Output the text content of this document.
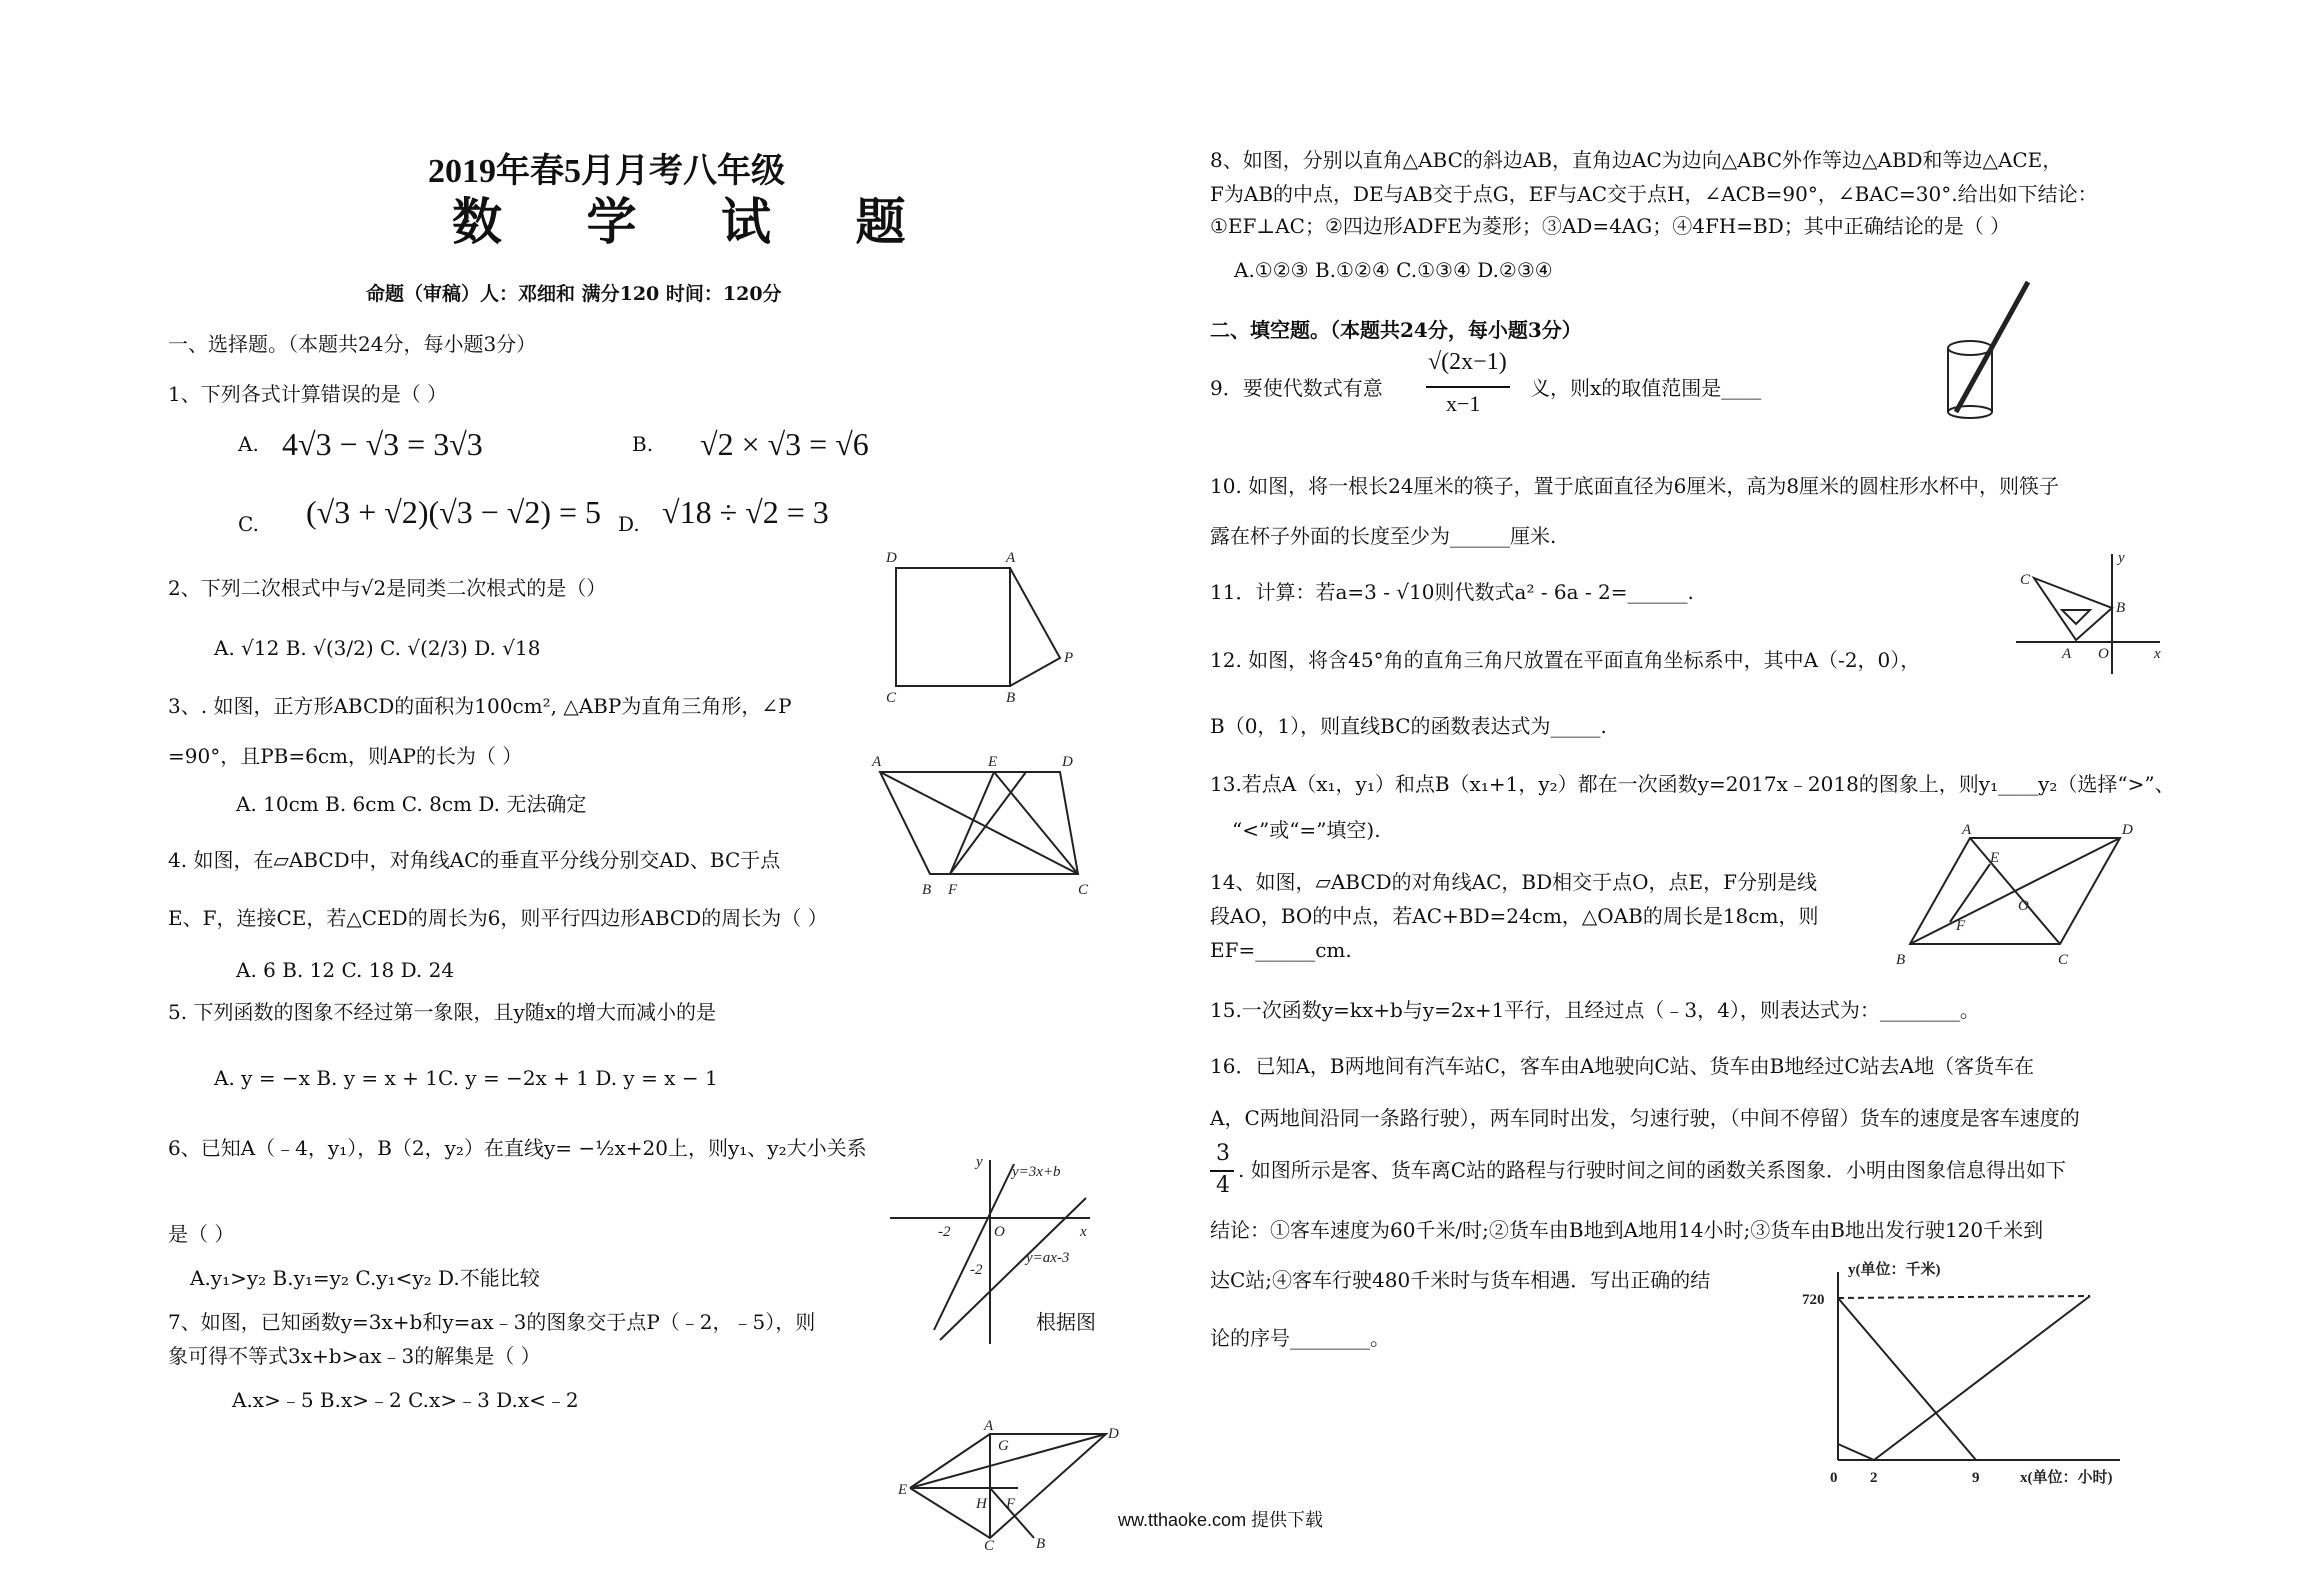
2019年春5月月考八年级
数 学 试 题
命题（审稿）人：邓细和 满分120 时间：120分
一、选择题。（本题共24分，每小题3分）
1、下列各式计算错误的是（ ）
A. 4√3 − √3 = 3√3	B. √2 × √3 = √6
C. (√3 + √2)(√3 − √2) = 5 D. √18 ÷ √2 = 3
2、下列二次根式中与√2是同类二次根式的是（）
A. √12 B. √(3/2) C. √(2/3) D. √18
3、. 如图，正方形ABCD的面积为100cm², △ABP为直角三角形，∠P
=90°，且PB=6cm，则AP的长为（ ）
A. 10cm B. 6cm C. 8cm D. 无法确定
4. 如图，在▱ABCD中，对角线AC的垂直平分线分别交AD、BC于点
E、F，连接CE，若△CED的周长为6，则平行四边形ABCD的周长为（ ）
A. 6 B. 12 C. 18 D. 24
5. 下列函数的图象不经过第一象限，且y随x的增大而减小的是
A. y = −x B. y = x + 1C. y = −2x + 1 D. y = x − 1
6、已知A（﹣4，y₁），B（2，y₂）在直线y= −½x+20上，则y₁、y₂大小关系
是（ ）
A.y₁>y₂ B.y₁=y₂ C.y₁<y₂ D.不能比较
7、如图，已知函数y=3x+b和y=ax﹣3的图象交于点P（﹣2，﹣5），则	根据图
象可得不等式3x+b>ax﹣3的解集是（ ）
A.x>﹣5 B.x>﹣2 C.x>﹣3 D.x<﹣2
ww.tthaoke.com 提供下载
8、如图，分别以直角△ABC的斜边AB，直角边AC为边向△ABC外作等边△ABD和等边△ACE，
F为AB的中点，DE与AB交于点G，EF与AC交于点H，∠ACB=90°，∠BAC=30°.给出如下结论：
①EF⊥AC；②四边形ADFE为菱形；③AD=4AG；④4FH=BD；其中正确结论的是（ ）
A.①②③ B.①②④ C.①③④ D.②③④
二、填空题。（本题共24分，每小题3分）
9．要使代数式有意
√(2x−1)
x−1
义，则x的取值范围是____
10. 如图，将一根长24厘米的筷子，置于底面直径为6厘米，高为8厘米的圆柱形水杯中，则筷子
露在杯子外面的长度至少为______厘米.
11．计算：若a=3 - √10则代数式a² - 6a - 2=______.
12. 如图，将含45°角的直角三角尺放置在平面直角坐标系中，其中A（-2，0），
B（0，1），则直线BC的函数表达式为_____.
13.若点A（x₁，y₁）和点B（x₁+1，y₂）都在一次函数y=2017x﹣2018的图象上，则y₁____y₂（选择“>”、
“<”或“=”填空).
14、如图，▱ABCD的对角线AC，BD相交于点O，点E，F分别是线
段AO，BO的中点，若AC+BD=24cm，△OAB的周长是18cm，则
EF=______cm.
15.一次函数y=kx+b与y=2x+1平行，且经过点（﹣3，4），则表达式为：________。
16．已知A，B两地间有汽车站C，客车由A地驶向C站、货车由B地经过C站去A地（客货车在
A，C两地间沿同一条路行驶），两车同时出发，匀速行驶，（中间不停留）货车的速度是客车速度的
3
4
. 如图所示是客、货车离C站的路程与行驶时间之间的函数关系图象．小明由图象信息得出如下
结论：①客车速度为60千米/时;②货车由B地到A地用14小时;③货车由B地出发行驶120千米到
达C站;④客车行驶480千米时与货车相遇．写出正确的结
论的序号________。
D	A
C	B
P
A	E	D
B F	C
y
y=3x+b
-2	O	x
-2
y=ax-3
A
G
D
E
H F
C	B
y
C
B
A O	x
A
E
D
O
F
B	C
y(单位：千米)
720
0 2	9	x(单位：小时)
